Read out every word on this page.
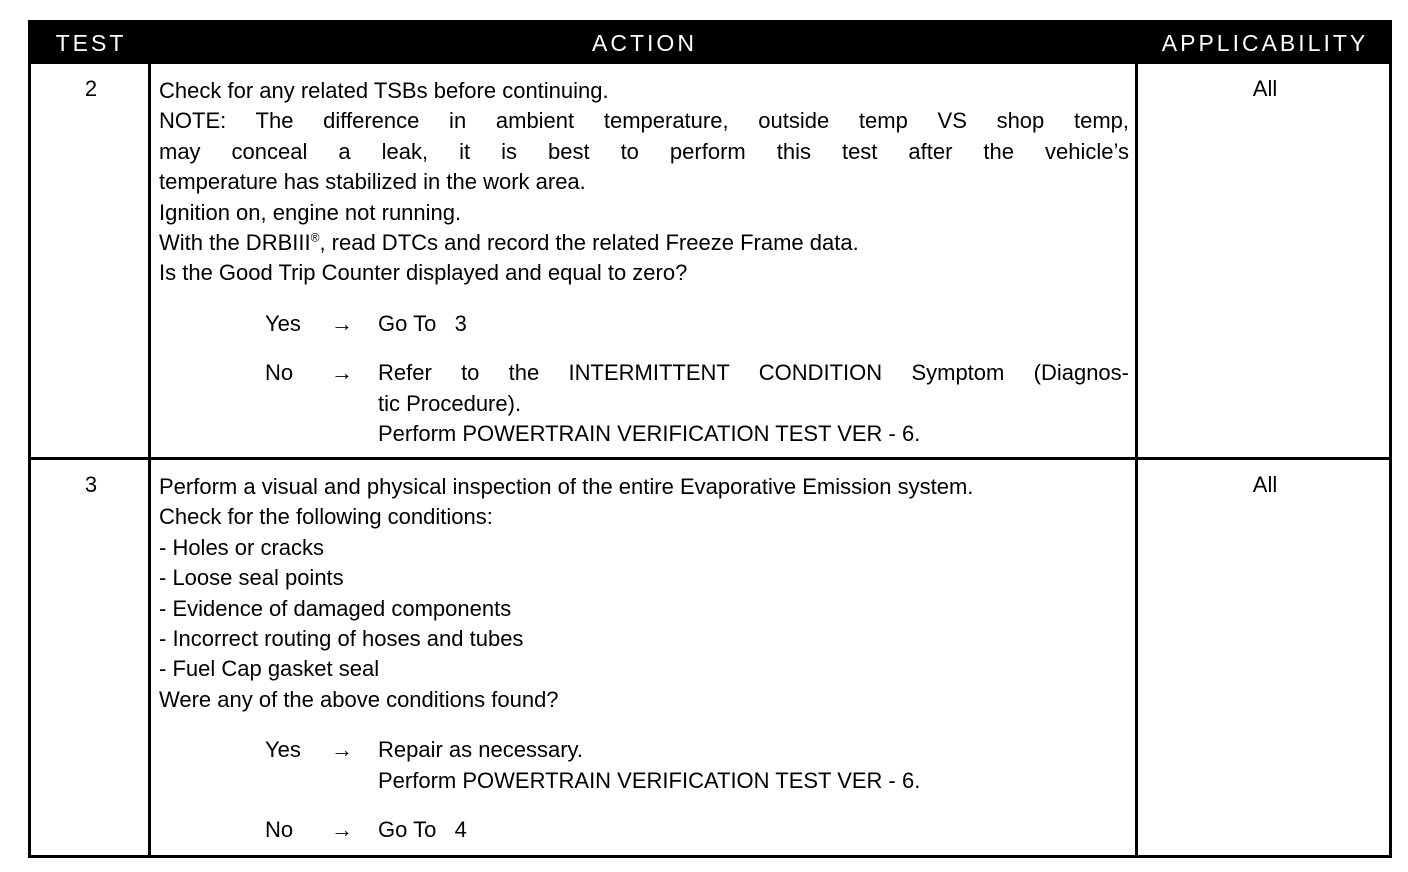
TEST	ACTION	APPLICABILITY
2	Check for any related TSBs before continuing.
NOTE: The difference in ambient temperature, outside temp VS shop temp,
may conceal a leak, it is best to perform this test after the vehicle’s
temperature has stabilized in the work area.
Ignition on, engine not running.
With the DRBIII®, read DTCs and record the related Freeze Frame data.
Is the Good Trip Counter displayed and equal to zero?
Yes	→ Go To   3
No	→ Refer to the INTERMITTENT CONDITION Symptom (Diagnos-
tic Procedure).
Perform POWERTRAIN VERIFICATION TEST VER - 6.
All
3	Perform a visual and physical inspection of the entire Evaporative Emission system.
Check for the following conditions:
- Holes or cracks
- Loose seal points
- Evidence of damaged components
- Incorrect routing of hoses and tubes
- Fuel Cap gasket seal
Were any of the above conditions found?
Yes	→ Repair as necessary.
Perform POWERTRAIN VERIFICATION TEST VER - 6.
No	→ Go To   4
All
